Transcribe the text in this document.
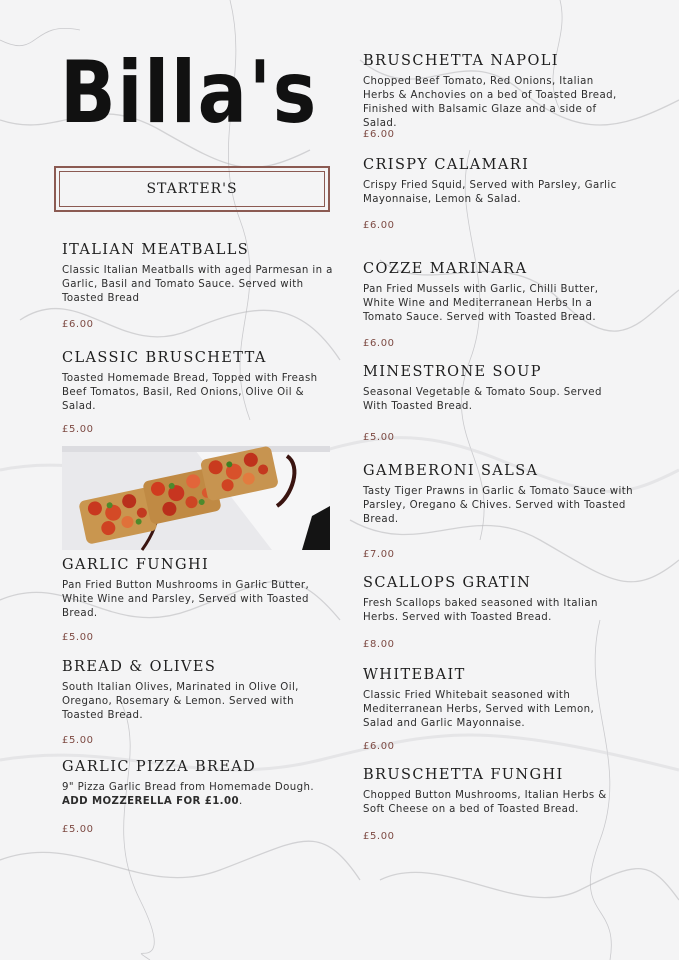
Billa's
STARTER'S
ITALIAN MEATBALLS
Classic Italian Meatballs with aged Parmesan in a Garlic, Basil and Tomato Sauce. Served with Toasted Bread
£6.00
CLASSIC BRUSCHETTA
Toasted Homemade Bread, Topped with Freash Beef Tomatos, Basil, Red Onions, Olive Oil & Salad.
£5.00
GARLIC FUNGHI
Pan Fried Button Mushrooms in Garlic Butter, White Wine and Parsley, Served with Toasted Bread.
£5.00
BREAD & OLIVES
South Italian Olives, Marinated in Olive Oil, Oregano, Rosemary & Lemon. Served with Toasted Bread.
£5.00
GARLIC PIZZA BREAD
9" Pizza Garlic Bread from Homemade Dough.
ADD MOZZERELLA FOR £1.00.
£5.00
BRUSCHETTA NAPOLI
Chopped Beef Tomato, Red Onions, Italian Herbs & Anchovies on a bed of Toasted Bread, Finished with Balsamic Glaze and a side of Salad.
£6.00
CRISPY CALAMARI
Crispy Fried Squid, Served with Parsley, Garlic Mayonnaise, Lemon & Salad.
£6.00
COZZE MARINARA
Pan Fried Mussels with Garlic, Chilli Butter, White Wine and Mediterranean Herbs In a Tomato Sauce. Served with Toasted Bread.
£6.00
MINESTRONE SOUP
Seasonal Vegetable & Tomato Soup. Served With Toasted Bread.
£5.00
GAMBERONI SALSA
Tasty Tiger Prawns in Garlic & Tomato Sauce with Parsley, Oregano & Chives. Served with Toasted Bread.
£7.00
SCALLOPS GRATIN
Fresh Scallops baked seasoned with Italian Herbs. Served with Toasted Bread.
£8.00
WHITEBAIT
Classic Fried Whitebait seasoned with Mediterranean Herbs, Served with Lemon, Salad and Garlic Mayonnaise.
£6.00
BRUSCHETTA FUNGHI
Chopped Button Mushrooms, Italian Herbs & Soft Cheese on a bed of Toasted Bread.
£5.00
